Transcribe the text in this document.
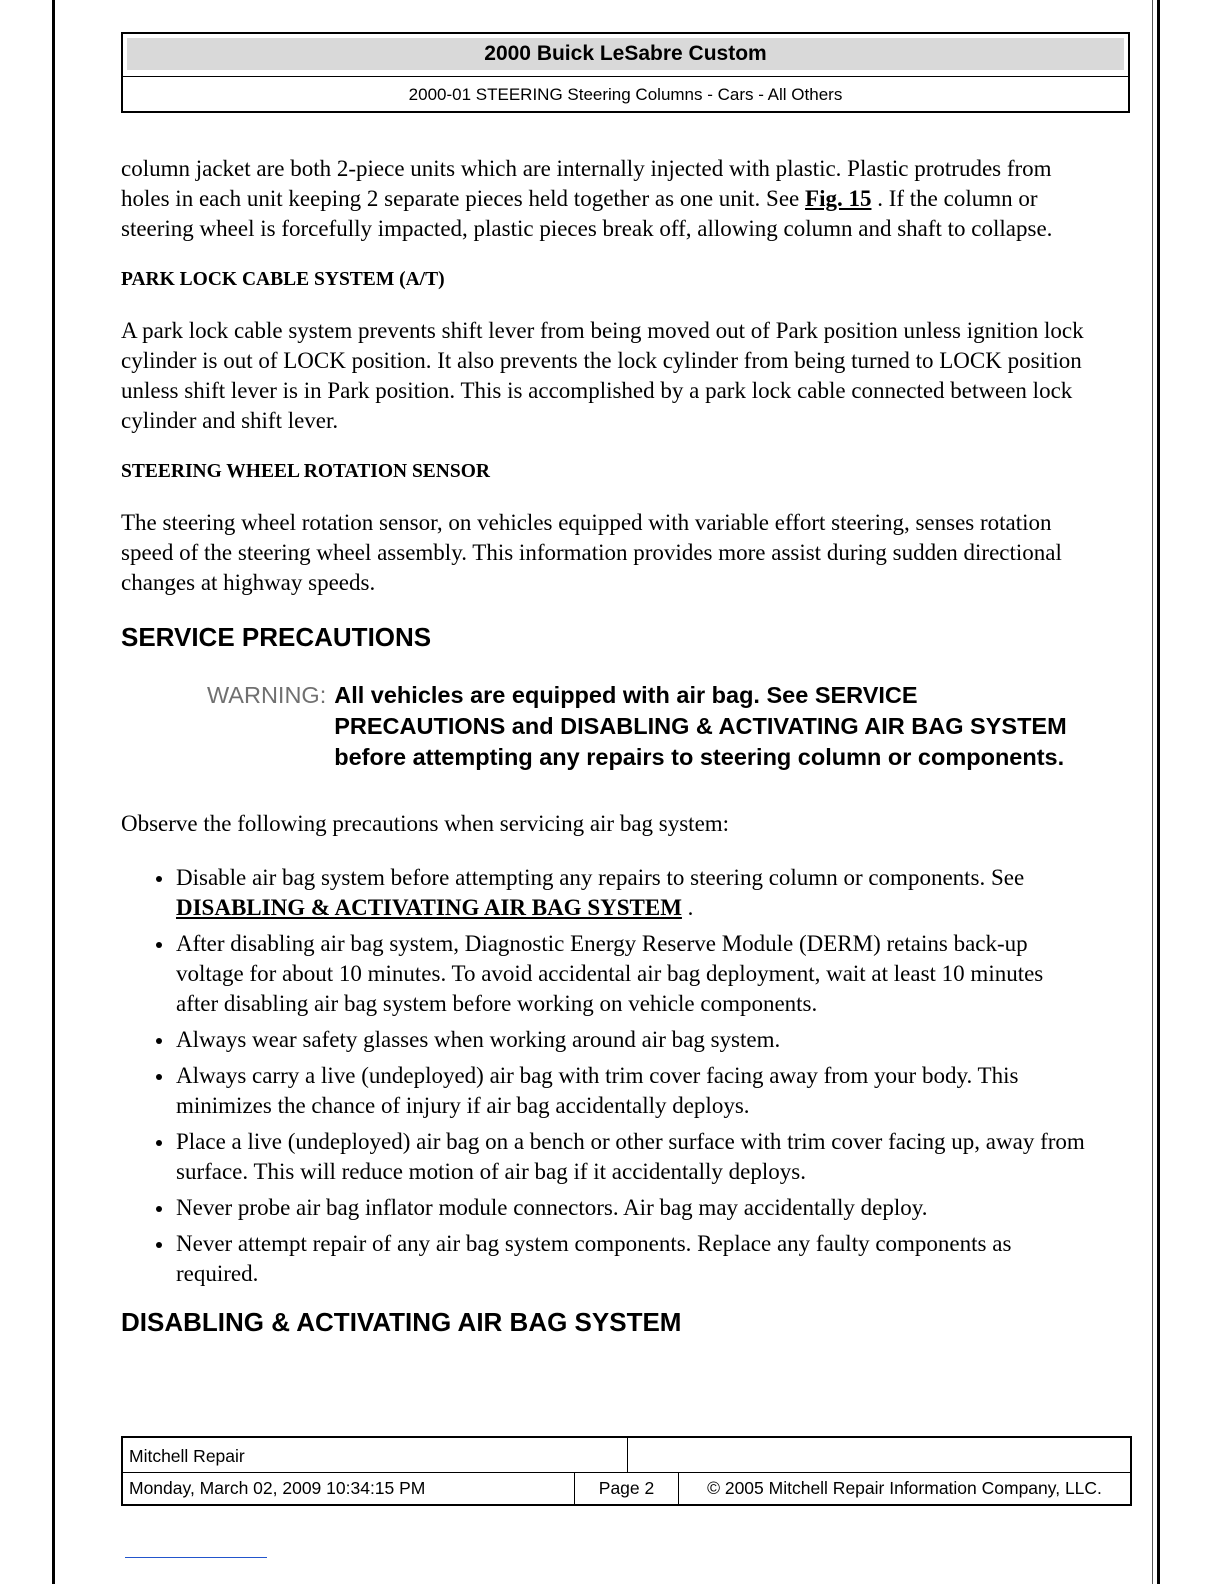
2000 Buick LeSabre Custom
2000-01 STEERING Steering Columns - Cars - All Others

column jacket are both 2-piece units which are internally injected with plastic. Plastic protrudes from holes in each unit keeping 2 separate pieces held together as one unit. See Fig. 15 . If the column or steering wheel is forcefully impacted, plastic pieces break off, allowing column and shaft to collapse.

PARK LOCK CABLE SYSTEM (A/T)

A park lock cable system prevents shift lever from being moved out of Park position unless ignition lock cylinder is out of LOCK position. It also prevents the lock cylinder from being turned to LOCK position unless shift lever is in Park position. This is accomplished by a park lock cable connected between lock cylinder and shift lever.

STEERING WHEEL ROTATION SENSOR

The steering wheel rotation sensor, on vehicles equipped with variable effort steering, senses rotation speed of the steering wheel assembly. This information provides more assist during sudden directional changes at highway speeds.

SERVICE PRECAUTIONS
WARNING: All vehicles are equipped with air bag. See SERVICE PRECAUTIONS and DISABLING & ACTIVATING AIR BAG SYSTEM before attempting any repairs to steering column or components.

Observe the following precautions when servicing air bag system:

Disable air bag system before attempting any repairs to steering column or components. See DISABLING & ACTIVATING AIR BAG SYSTEM .
After disabling air bag system, Diagnostic Energy Reserve Module (DERM) retains back-up voltage for about 10 minutes. To avoid accidental air bag deployment, wait at least 10 minutes after disabling air bag system before working on vehicle components.
Always wear safety glasses when working around air bag system.
Always carry a live (undeployed) air bag with trim cover facing away from your body. This minimizes the chance of injury if air bag accidentally deploys.
Place a live (undeployed) air bag on a bench or other surface with trim cover facing up, away from surface. This will reduce motion of air bag if it accidentally deploys.
Never probe air bag inflator module connectors. Air bag may accidentally deploy.
Never attempt repair of any air bag system components. Replace any faulty components as required.
DISABLING & ACTIVATING AIR BAG SYSTEM
Mitchell Repair
Monday, March 02, 2009 10:34:15 PM	Page 2	© 2005 Mitchell Repair Information Company, LLC.
